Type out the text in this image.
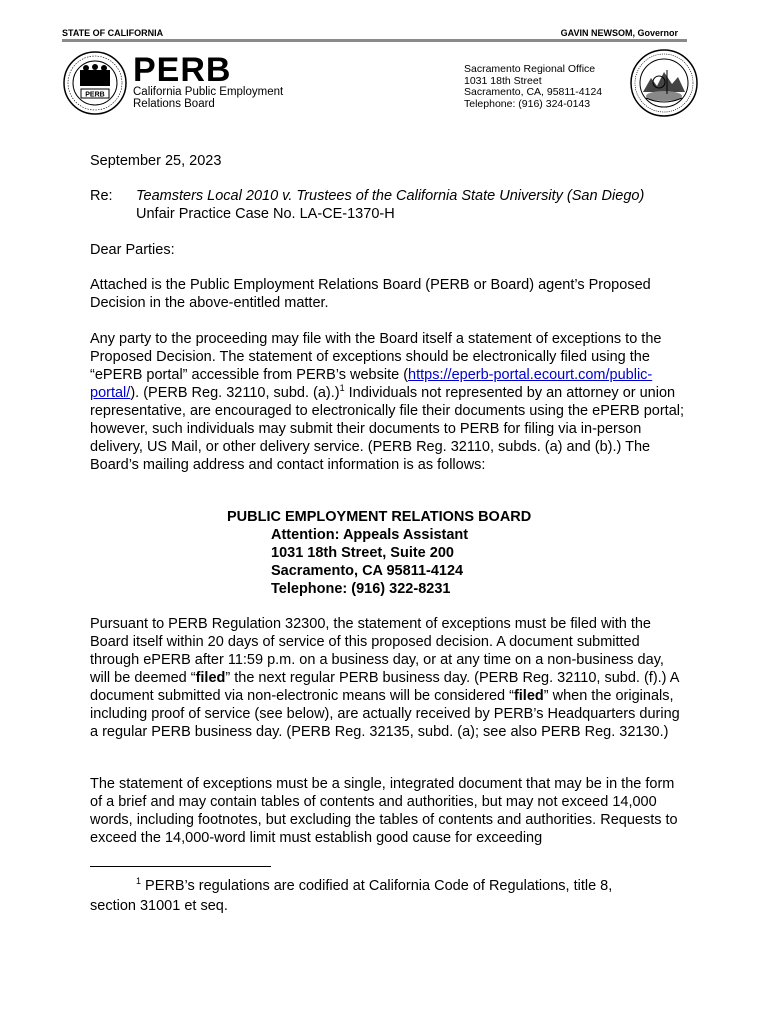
STATE OF CALIFORNIA	GAVIN NEWSOM, Governor
PERB
PERB
California Public Employment
Relations Board
Sacramento Regional Office
1031 18th Street
Sacramento, CA, 95811-4124
Telephone: (916) 324-0143
September 25, 2023
Re: Teamsters Local 2010 v. Trustees of the California State University (San Diego)
Unfair Practice Case No. LA-CE-1370-H
Dear Parties:
Attached is the Public Employment Relations Board (PERB or Board) agent’s Proposed Decision in the above-entitled matter.
Any party to the proceeding may file with the Board itself a statement of exceptions to the Proposed Decision. The statement of exceptions should be electronically filed using the “ePERB portal” accessible from PERB’s website (https://eperb-portal.ecourt.com/public-portal/). (PERB Reg. 32110, subd. (a).)$^1$ Individuals not represented by an attorney or union representative, are encouraged to electronically file their documents using the ePERB portal; however, such individuals may submit their documents to PERB for filing via in-person delivery, US Mail, or other delivery service. (PERB Reg. 32110, subds. (a) and (b).) The Board’s mailing address and contact information is as follows:
PUBLIC EMPLOYMENT RELATIONS BOARD
Attention: Appeals Assistant
1031 18th Street, Suite 200
Sacramento, CA 95811-4124
Telephone: (916) 322-8231
Pursuant to PERB Regulation 32300, the statement of exceptions must be filed with the Board itself within 20 days of service of this proposed decision. A document submitted through ePERB after 11:59 p.m. on a business day, or at any time on a non-business day, will be deemed “filed” the next regular PERB business day. (PERB Reg. 32110, subd. (f).) A document submitted via non-electronic means will be considered “filed” when the originals, including proof of service (see below), are actually received by PERB’s Headquarters during a regular PERB business day. (PERB Reg. 32135, subd. (a); see also PERB Reg. 32130.)
The statement of exceptions must be a single, integrated document that may be in the form of a brief and may contain tables of contents and authorities, but may not exceed 14,000 words, including footnotes, but excluding the tables of contents and authorities. Requests to exceed the 14,000-word limit must establish good cause for exceeding
$^1$ PERB’s regulations are codified at California Code of Regulations, title 8,
section 31001 et seq.
